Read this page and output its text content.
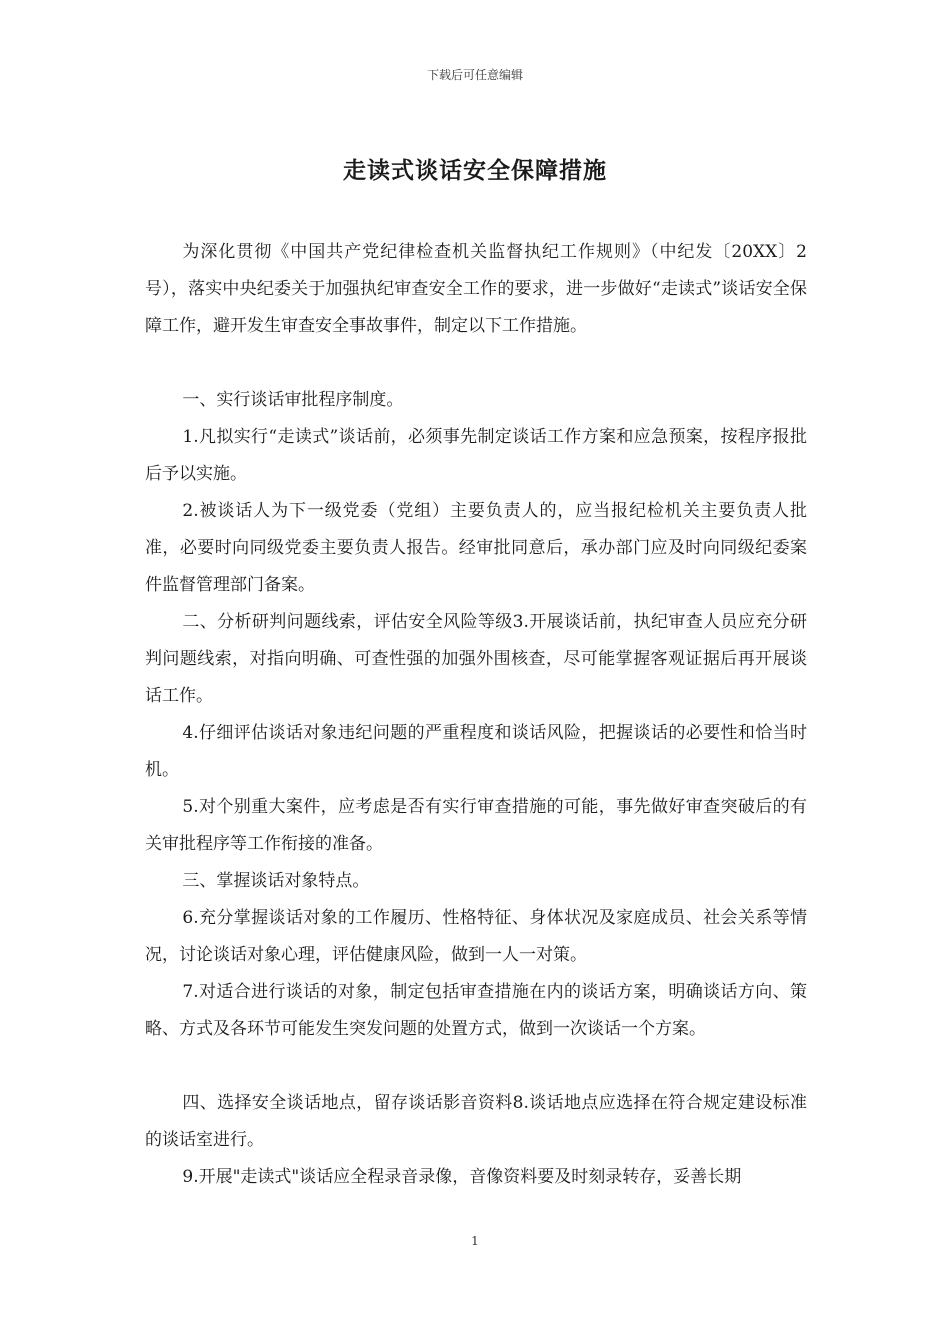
下载后可任意编辑
走读式谈话安全保障措施

为深化贯彻《中国共产党纪律检查机关监督执纪工作规则》（中纪发〔20XX〕2号），落实中央纪委关于加强执纪审查安全工作的要求，进一步做好“走读式”谈话安全保障工作，避开发生审查安全事故事件，制定以下工作措施。

一、实行谈话审批程序制度。

1.凡拟实行“走读式”谈话前，必须事先制定谈话工作方案和应急预案，按程序报批后予以实施。

2.被谈话人为下一级党委（党组）主要负责人的，应当报纪检机关主要负责人批准，必要时向同级党委主要负责人报告。经审批同意后，承办部门应及时向同级纪委案件监督管理部门备案。

二、分析研判问题线索，评估安全风险等级3.开展谈话前，执纪审查人员应充分研判问题线索，对指向明确、可查性强的加强外围核查，尽可能掌握客观证据后再开展谈话工作。

4.仔细评估谈话对象违纪问题的严重程度和谈话风险，把握谈话的必要性和恰当时机。

5.对个别重大案件，应考虑是否有实行审查措施的可能，事先做好审查突破后的有关审批程序等工作衔接的准备。

三、掌握谈话对象特点。

6.充分掌握谈话对象的工作履历、性格特征、身体状况及家庭成员、社会关系等情况，讨论谈话对象心理，评估健康风险，做到一人一对策。

7.对适合进行谈话的对象，制定包括审查措施在内的谈话方案，明确谈话方向、策略、方式及各环节可能发生突发问题的处置方式，做到一次谈话一个方案。

四、选择安全谈话地点，留存谈话影音资料8.谈话地点应选择在符合规定建设标准的谈话室进行。

9.开展"走读式"谈话应全程录音录像，音像资料要及时刻录转存，妥善长期

1
